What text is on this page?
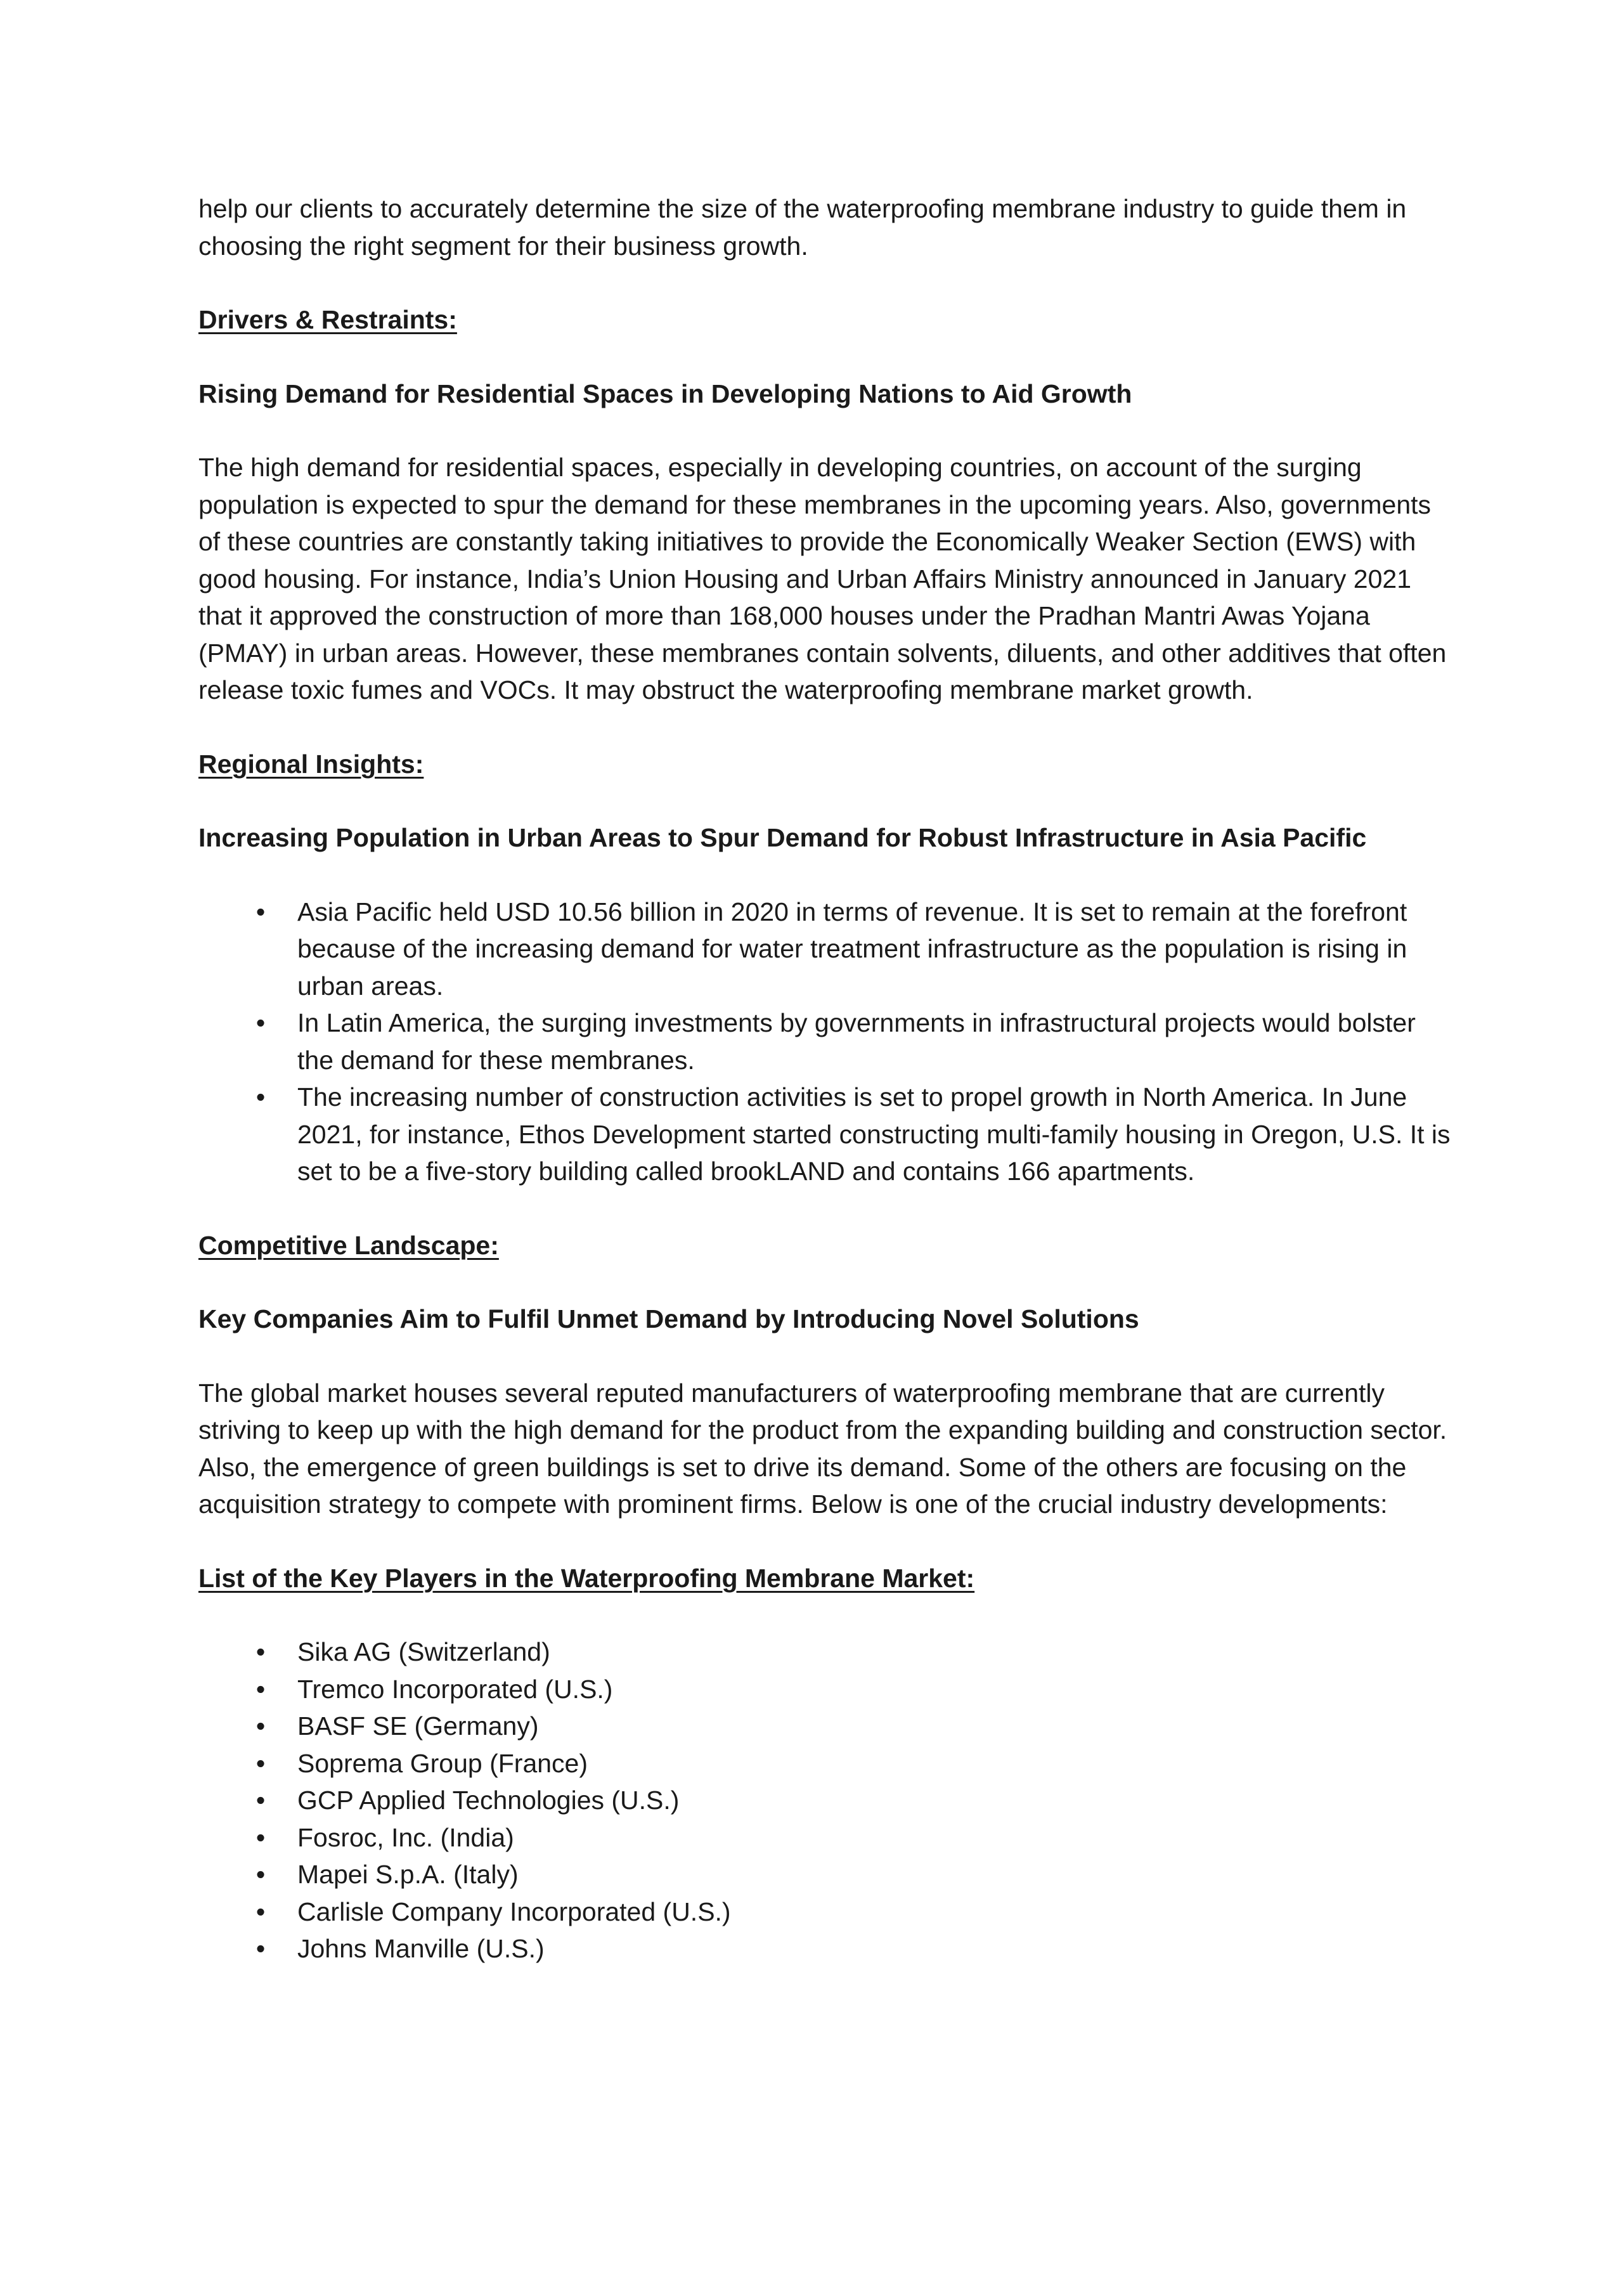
help our clients to accurately determine the size of the waterproofing membrane industry to guide them in choosing the right segment for their business growth.

Drivers & Restraints:

Rising Demand for Residential Spaces in Developing Nations to Aid Growth

The high demand for residential spaces, especially in developing countries, on account of the surging population is expected to spur the demand for these membranes in the upcoming years. Also, governments of these countries are constantly taking initiatives to provide the Economically Weaker Section (EWS) with good housing. For instance, India’s Union Housing and Urban Affairs Ministry announced in January 2021 that it approved the construction of more than 168,000 houses under the Pradhan Mantri Awas Yojana (PMAY) in urban areas. However, these membranes contain solvents, diluents, and other additives that often release toxic fumes and VOCs. It may obstruct the waterproofing membrane market growth.

Regional Insights:

Increasing Population in Urban Areas to Spur Demand for Robust Infrastructure in Asia Pacific

• Asia Pacific held USD 10.56 billion in 2020 in terms of revenue. It is set to remain at the forefront because of the increasing demand for water treatment infrastructure as the population is rising in urban areas.
• In Latin America, the surging investments by governments in infrastructural projects would bolster the demand for these membranes.
• The increasing number of construction activities is set to propel growth in North America. In June 2021, for instance, Ethos Development started constructing multi-family housing in Oregon, U.S. It is set to be a five-story building called brookLAND and contains 166 apartments.

Competitive Landscape:

Key Companies Aim to Fulfil Unmet Demand by Introducing Novel Solutions

The global market houses several reputed manufacturers of waterproofing membrane that are currently striving to keep up with the high demand for the product from the expanding building and construction sector. Also, the emergence of green buildings is set to drive its demand. Some of the others are focusing on the acquisition strategy to compete with prominent firms. Below is one of the crucial industry developments:

List of the Key Players in the Waterproofing Membrane Market:

• Sika AG (Switzerland)
• Tremco Incorporated (U.S.)
• BASF SE (Germany)
• Soprema Group (France)
• GCP Applied Technologies (U.S.)
• Fosroc, Inc. (India)
• Mapei S.p.A. (Italy)
• Carlisle Company Incorporated (U.S.)
• Johns Manville (U.S.)
